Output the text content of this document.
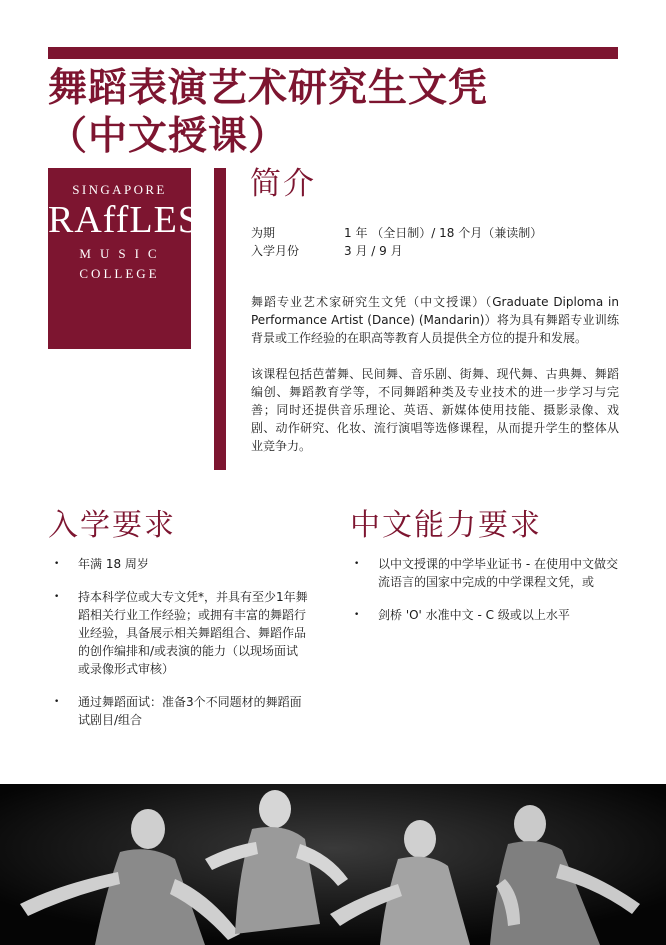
舞蹈表演艺术研究生文凭
（中文授课）
SINGAPORE
RAffLES
MUSIC
COLLEGE
简介
为期	1 年 （全日制）/ 18 个月（兼读制）
入学月份	3 月 / 9 月

舞蹈专业艺术家研究生文凭（中文授课）（Graduate Diploma in Performance Artist (Dance) (Mandarin)）将为具有舞蹈专业训练背景或工作经验的在职高等教育人员提供全方位的提升和发展。

该课程包括芭蕾舞、民间舞、音乐剧、街舞、现代舞、古典舞、舞蹈编创、舞蹈教育学等，不同舞蹈种类及专业技术的进一步学习与完善；同时还提供音乐理论、英语、新媒体使用技能、摄影录像、戏剧、动作研究、化妆、流行演唱等选修课程，从而提升学生的整体从业竞争力。

入学要求	中文能力要求
• 年满 18 周岁
• 持本科学位或大专文凭*，并具有至少1年舞蹈相关行业工作经验；或拥有丰富的舞蹈行业经验，具备展示相关舞蹈组合、舞蹈作品的创作编排和/或表演的能力（以现场面试或录像形式审核）
• 通过舞蹈面试：准备3个不同题材的舞蹈面试剧目/组合
• 以中文授课的中学毕业证书 - 在使用中文做交流语言的国家中完成的中学课程文凭，或
• 剑桥 'O' 水准中文 - C 级或以上水平
